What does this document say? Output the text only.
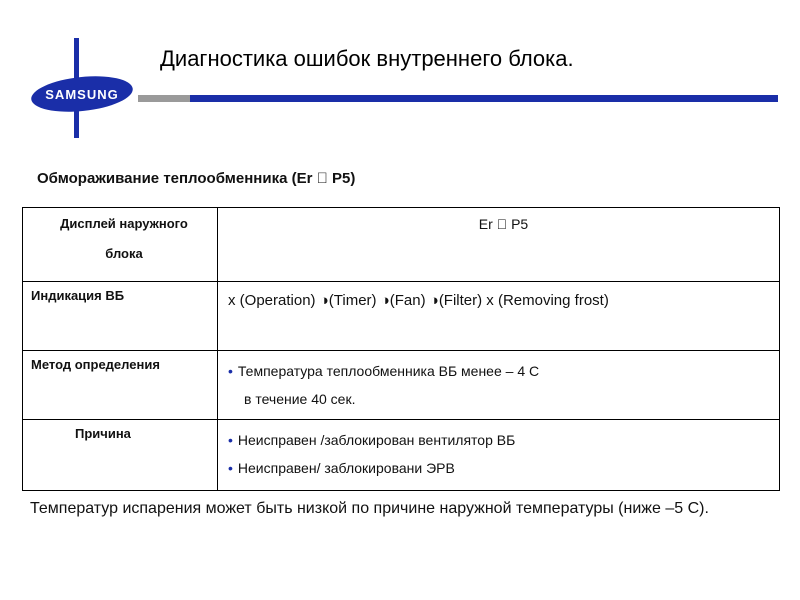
SAMSUNG
Диагностика ошибок внутреннего блока.
Обмораживание теплообменника (Er P5)
Дисплей наружного
блока	Er P5

Индикация ВБ	x (Operation) ◑(Timer) ◑(Fan) ◑(Filter) x (Removing frost)

Метод определения	• Температура теплообменника ВБ менее – 4 С
в течение 40 сек.

Причина	• Неисправен /заблокирован вентилятор ВБ
• Неисправен/ заблокировани ЭРВ
Температур испарения может быть низкой по причине наружной температуры (ниже –5 С).
